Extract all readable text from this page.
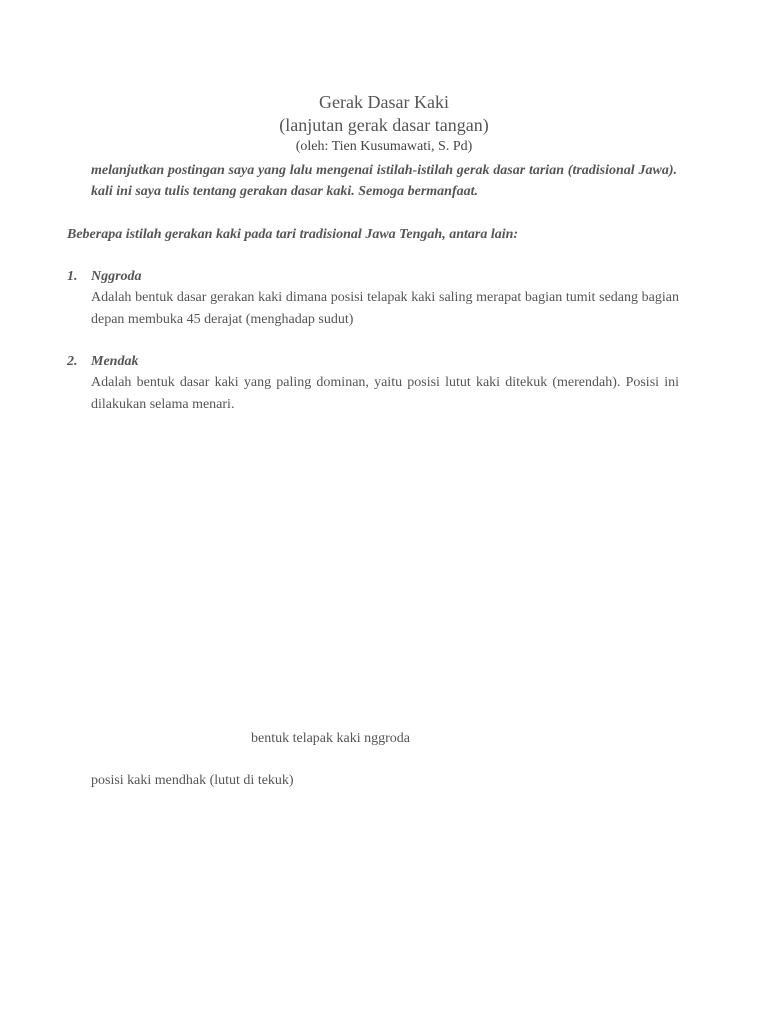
Gerak Dasar Kaki
(lanjutan gerak dasar tangan)
(oleh: Tien Kusumawati, S. Pd)
melanjutkan postingan saya yang lalu mengenai istilah-istilah gerak dasar tarian (tradisional Jawa). kali ini saya tulis tentang gerakan dasar kaki. Semoga bermanfaat.
Beberapa istilah gerakan kaki pada tari tradisional Jawa Tengah, antara lain:
1. Nggroda
Adalah bentuk dasar gerakan kaki dimana posisi telapak kaki saling merapat bagian tumit sedang bagian depan membuka 45 derajat (menghadap sudut)
2. Mendak
Adalah bentuk dasar kaki yang paling dominan, yaitu posisi lutut kaki ditekuk (merendah). Posisi ini dilakukan selama menari.
bentuk telapak kaki nggroda
posisi kaki mendhak (lutut di tekuk)
